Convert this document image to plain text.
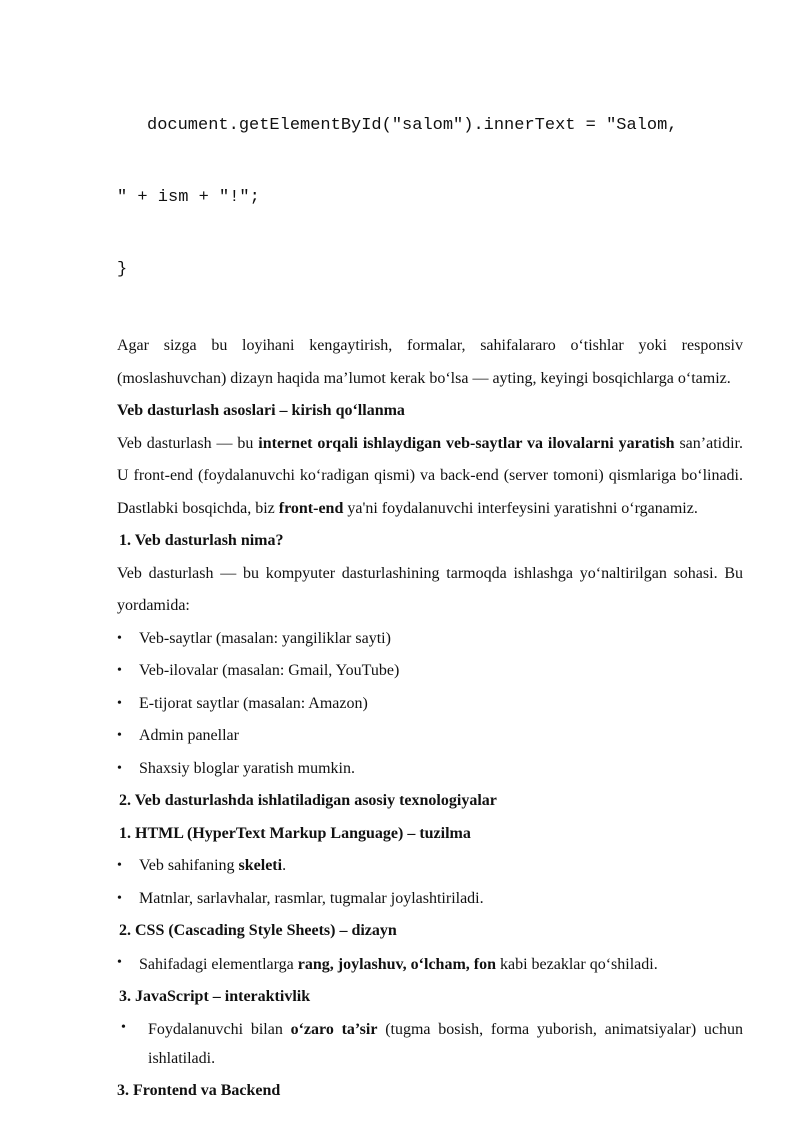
document.getElementById("salom").innerText = "Salom,

" + ism + "!";

}

Agar sizga bu loyihani kengaytirish, formalar, sahifalararo o‘tishlar yoki responsiv (moslashuvchan) dizayn haqida ma’lumot kerak bo‘lsa — ayting, keyingi bosqichlarga o‘tamiz.

Veb dasturlash asoslari – kirish qo‘llanma

Veb dasturlash — bu internet orqali ishlaydigan veb-saytlar va ilovalarni yaratish san’atidir. U front-end (foydalanuvchi ko‘radigan qismi) va back-end (server tomoni) qismlariga bo‘linadi. Dastlabki bosqichda, biz front-end ya'ni foydalanuvchi interfeysini yaratishni o‘rganamiz.

1. Veb dasturlash nima?

Veb dasturlash — bu kompyuter dasturlashining tarmoqda ishlashga yo‘naltirilgan sohasi. Bu yordamida:

• Veb-saytlar (masalan: yangiliklar sayti)
• Veb-ilovalar (masalan: Gmail, YouTube)
• E-tijorat saytlar (masalan: Amazon)
• Admin panellar
• Shaxsiy bloglar yaratish mumkin.
2. Veb dasturlashda ishlatiladigan asosiy texnologiyalar
1. HTML (HyperText Markup Language) – tuzilma
• Veb sahifaning skeleti.
• Matnlar, sarlavhalar, rasmlar, tugmalar joylashtiriladi.
2. CSS (Cascading Style Sheets) – dizayn
• Sahifadagi elementlarga rang, joylashuv, o‘lcham, fon kabi bezaklar qo‘shiladi.
3. JavaScript – interaktivlik
• Foydalanuvchi bilan o‘zaro ta’sir (tugma bosish, forma yuborish, animatsiyalar) uchun ishlatiladi.
3. Frontend va Backend
